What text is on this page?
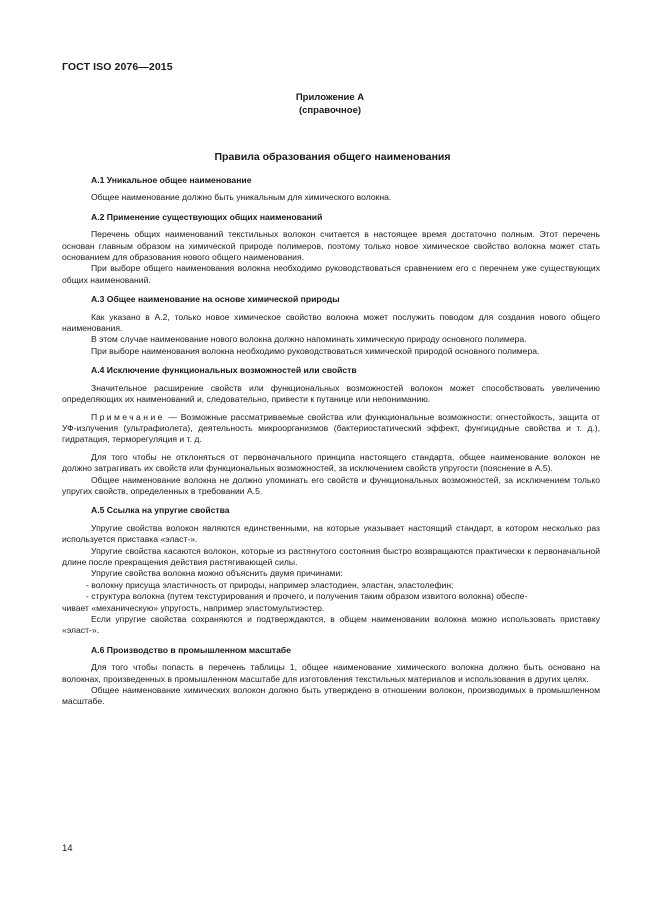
ГОСТ ISO 2076—2015
Приложение А
(справочное)
Правила образования общего наименования
А.1 Уникальное общее наименование

Общее наименование должно быть уникальным для химического волокна.

А.2 Применение существующих общих наименований

Перечень общих наименований текстильных волокон считается в настоящее время достаточно полным. Этот перечень основан главным образом на химической природе полимеров, поэтому только новое химическое свойство волокна может стать основанием для образования нового общего наименования.

При выборе общего наименования волокна необходимо руководствоваться сравнением его с перечнем уже существующих общих наименований.

А.3 Общее наименование на основе химической природы

Как указано в А.2, только новое химическое свойство волокна может послужить поводом для создания нового общего наименования.

В этом случае наименование нового волокна должно напоминать химическую природу основного полимера.

При выборе наименования волокна необходимо руководствоваться химической природой основного полимера.

А.4 Исключение функциональных возможностей или свойств

Значительное расширение свойств или функциональных возможностей волокон может способствовать увеличению определяющих их наименований и, следовательно, привести к путанице или непониманию.

Примечание — Возможные рассматриваемые свойства или функциональные возможности: огнестойкость, защита от УФ-излучения (ультрафиолета), деятельность микроорганизмов (бактериостатический эффект, фунгицидные свойства и т. д.), гидратация, терморегуляция и т. д.

Для того чтобы не отклоняться от первоначального принципа настоящего стандарта, общее наименование волокон не должно затрагивать их свойств или функциональных возможностей, за исключением свойств упругости (пояснение в А.5).

Общее наименование волокна не должно упоминать его свойств и функциональных возможностей, за исключением только упругих свойств, определенных в требовании А.5.

А.5 Ссылка на упругие свойства

Упругие свойства волокон являются единственными, на которые указывает настоящий стандарт, в котором несколько раз используется приставка «эласт-».

Упругие свойства касаются волокон, которые из растянутого состояния быстро возвращаются практически к первоначальной длине после прекращения действия растягивающей силы.

Упругие свойства волокна можно объяснить двумя причинами:

- волокну присуща эластичность от природы, например эластодиен, эластан, эластолефин;

- структура волокна (путем текстурирования и прочего, и получения таким образом извитого волокна) обеспе-

чивает «механическую» упругость, например эластомультиэстер.

Если упругие свойства сохраняются и подтверждаются, в общем наименовании волокна можно использовать приставку «эласт-».

А.6 Производство в промышленном масштабе

Для того чтобы попасть в перечень таблицы 1, общее наименование химического волокна должно быть основано на волокнах, произведенных в промышленном масштабе для изготовления текстильных материалов и использования в других целях.

Общее наименование химических волокон должно быть утверждено в отношении волокон, производимых в промышленном масштабе.

14
